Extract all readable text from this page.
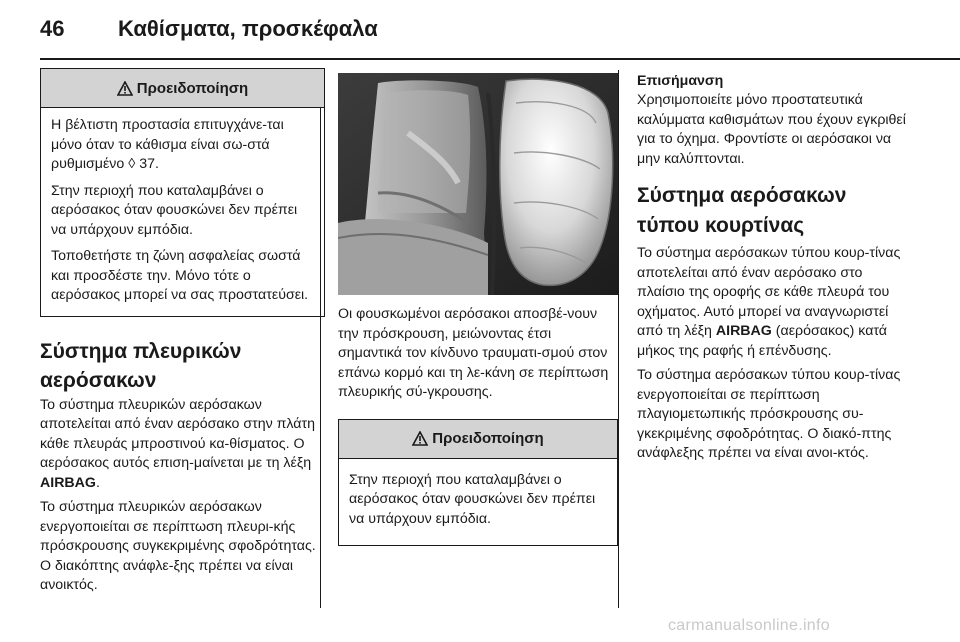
46 Καθίσματα, προσκέφαλα
Προειδοποίηση

Η βέλτιστη προστασία επιτυγχάνε-ται μόνο όταν το κάθισμα είναι σω-στά ρυθμισμένο ◊ 37.

Στην περιοχή που καταλαμβάνει ο αερόσακος όταν φουσκώνει δεν πρέπει να υπάρχουν εμπόδια.

Τοποθετήστε τη ζώνη ασφαλείας σωστά και προσδέστε την. Μόνο τότε ο αερόσακος μπορεί να σας προστατεύσει.

Σύστημα πλευρικών αερόσακων

Το σύστημα πλευρικών αερόσακων αποτελείται από έναν αερόσακο στην πλάτη κάθε πλευράς μπροστινού κα-θίσματος. Ο αερόσακος αυτός επιση-μαίνεται με τη λέξη AIRBAG.

Το σύστημα πλευρικών αερόσακων ενεργοποιείται σε περίπτωση πλευρι-κής πρόσκρουσης συγκεκριμένης σφοδρότητας. Ο διακόπτης ανάφλε-ξης πρέπει να είναι ανοικτός.

Οι φουσκωμένοι αερόσακοι αποσβέ-νουν την πρόσκρουση, μειώνοντας έτσι σημαντικά τον κίνδυνο τραυματι-σμού στον επάνω κορμό και τη λε-κάνη σε περίπτωση πλευρικής σύ-γκρουσης.

Προειδοποίηση

Στην περιοχή που καταλαμβάνει ο αερόσακος όταν φουσκώνει δεν πρέπει να υπάρχουν εμπόδια.

Επισήμανση

Χρησιμοποιείτε μόνο προστατευτικά καλύμματα καθισμάτων που έχουν εγκριθεί για το όχημα. Φροντίστε οι αερόσακοι να μην καλύπτονται.

Σύστημα αερόσακων τύπου κουρτίνας

Το σύστημα αερόσακων τύπου κουρ-τίνας αποτελείται από έναν αερόσακο στο πλαίσιο της οροφής σε κάθε πλευρά του οχήματος. Αυτό μπορεί να αναγνωριστεί από τη λέξη AIRBAG (αερόσακος) κατά μήκος της ραφής ή επένδυσης.

Το σύστημα αερόσακων τύπου κουρ-τίνας ενεργοποιείται σε περίπτωση πλαγιομετωπικής πρόσκρουσης συ-γκεκριμένης σφοδρότητας. Ο διακό-πτης ανάφλεξης πρέπει να είναι ανοι-κτός.

carmanualsonline.info
